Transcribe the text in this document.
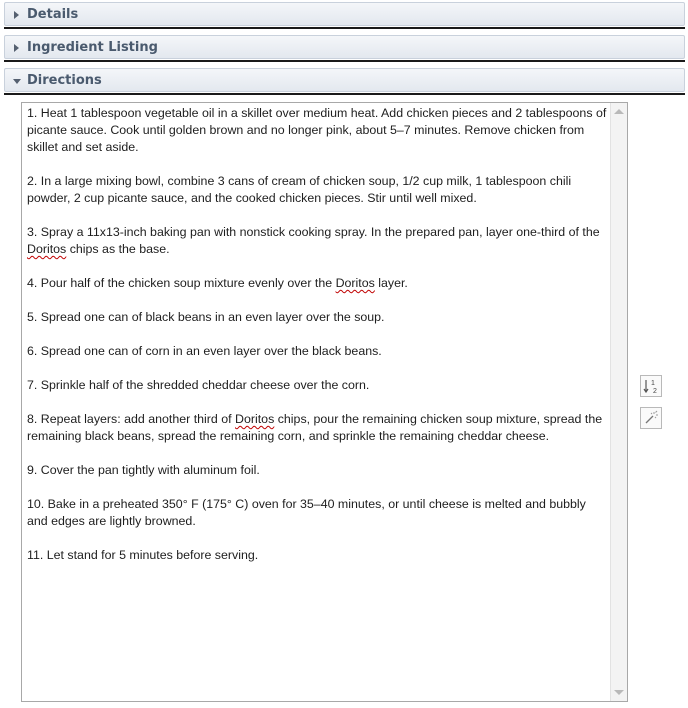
Details
Ingredient Listing
Directions

1. Heat 1 tablespoon vegetable oil in a skillet over medium heat. Add chicken pieces and 2 tablespoons of picante sauce. Cook until golden brown and no longer pink, about 5–7 minutes. Remove chicken from skillet and set aside.

2. In a large mixing bowl, combine 3 cans of cream of chicken soup, 1/2 cup milk, 1 tablespoon chili powder, 2 cup picante sauce, and the cooked chicken pieces. Stir until well mixed.

3. Spray a 11x13-inch baking pan with nonstick cooking spray. In the prepared pan, layer one-third of the Doritos chips as the base.

4. Pour half of the chicken soup mixture evenly over the Doritos layer.

5. Spread one can of black beans in an even layer over the soup.

6. Spread one can of corn in an even layer over the black beans.

7. Sprinkle half of the shredded cheddar cheese over the corn.

8. Repeat layers: add another third of Doritos chips, pour the remaining chicken soup mixture, spread the remaining black beans, spread the remaining corn, and sprinkle the remaining cheddar cheese.

9. Cover the pan tightly with aluminum foil.

10. Bake in a preheated 350° F (175° C) oven for 35–40 minutes, or until cheese is melted and bubbly and edges are lightly browned.

11. Let stand for 5 minutes before serving.

1
2
